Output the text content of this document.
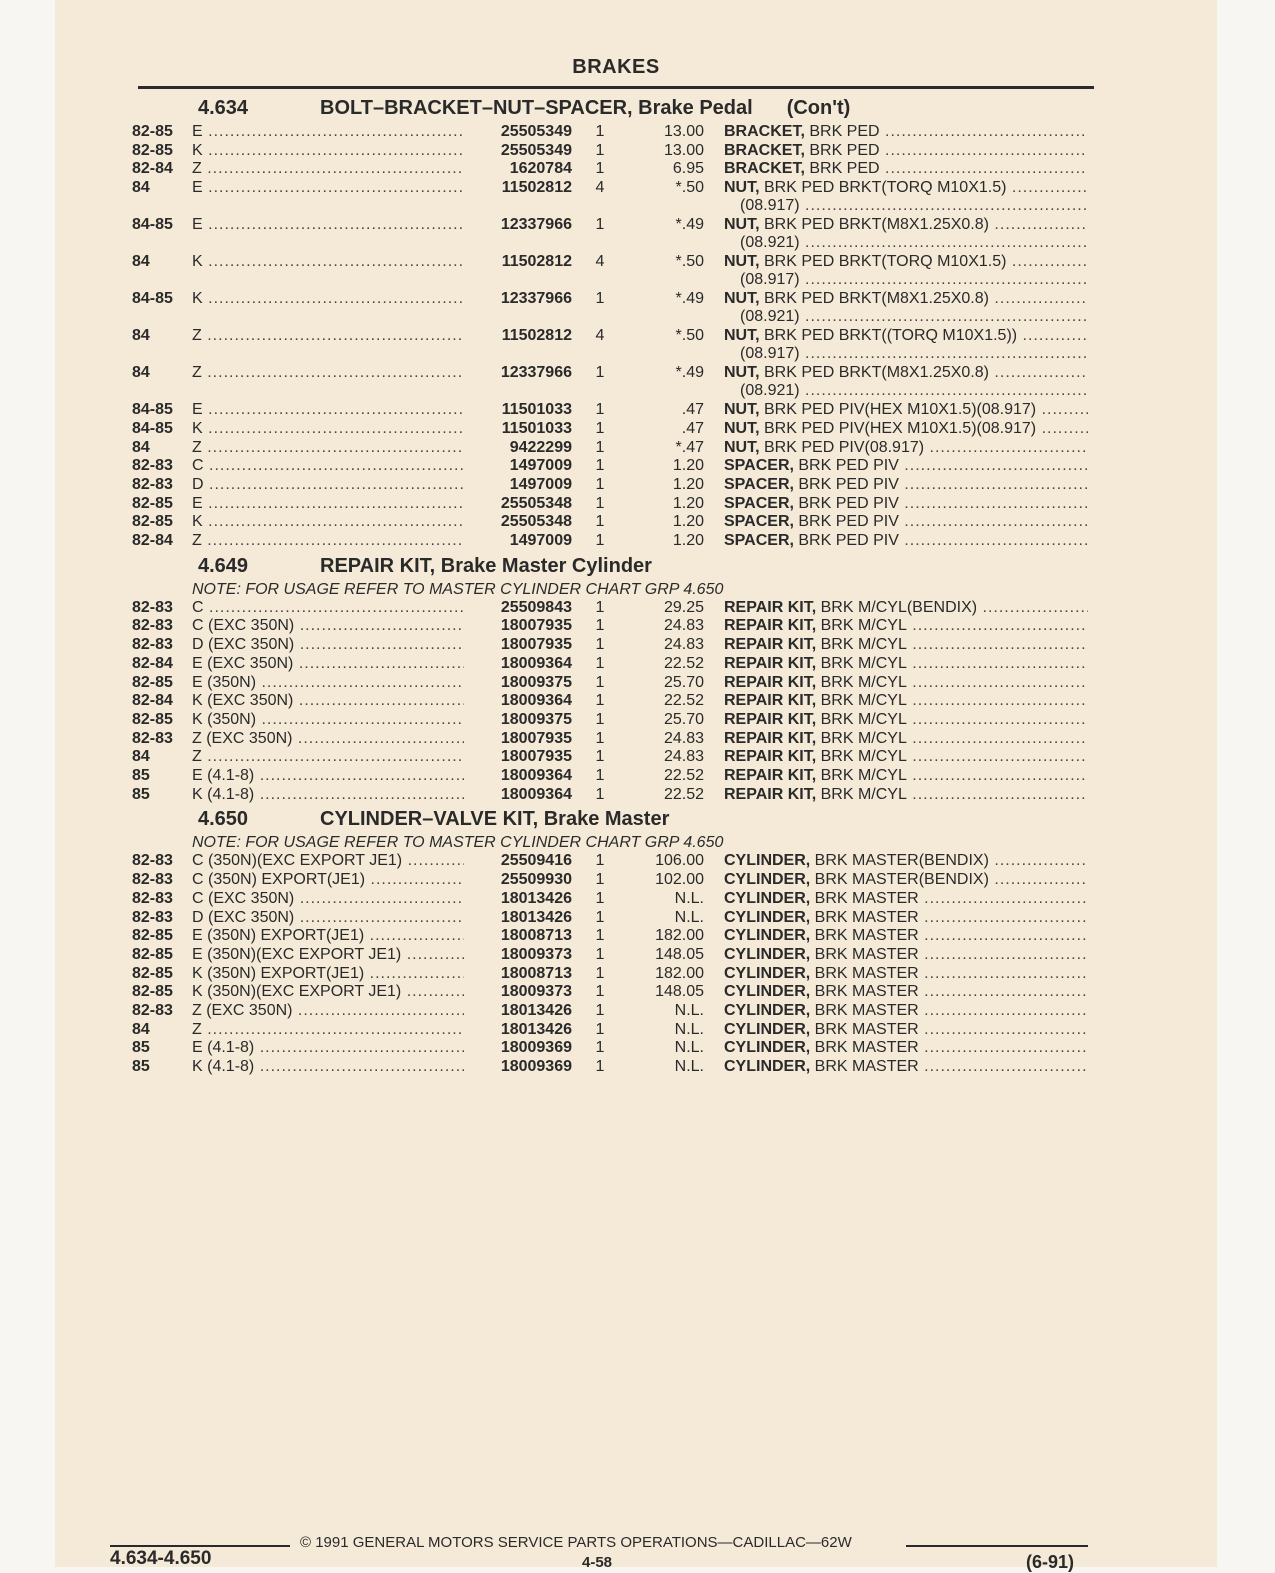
BRAKES
4.634	BOLT–BRACKET–NUT–SPACER, Brake Pedal (Con't)
82-85 E .....	25505349 1	13.00 BRACKET, BRK PED .....
82-85 K .....	25505349 1	13.00 BRACKET, BRK PED .....
82-84 Z .....	1620784 1	6.95 BRACKET, BRK PED .....
84	E .....	11502812 4	*.50 NUT, BRK PED BRKT(TORQ M10X1.5) .....
(08.917) .....
84-85 E .....	12337966 1	*.49 NUT, BRK PED BRKT(M8X1.25X0.8) .....
(08.921) .....
84	K .....	11502812 4	*.50 NUT, BRK PED BRKT(TORQ M10X1.5) .....
(08.917) .....
84-85 K .....	12337966 1	*.49 NUT, BRK PED BRKT(M8X1.25X0.8) .....
(08.921) .....
84	Z .....	11502812 4	*.50 NUT, BRK PED BRKT((TORQ M10X1.5)) .....
(08.917) .....
84	Z .....	12337966 1	*.49 NUT, BRK PED BRKT(M8X1.25X0.8) .....
(08.921) .....
84-85 E .....	11501033 1	.47 NUT, BRK PED PIV(HEX M10X1.5)(08.917) .....
84-85 K .....	11501033 1	.47 NUT, BRK PED PIV(HEX M10X1.5)(08.917) .....
84	Z .....	9422299 1	*.47 NUT, BRK PED PIV(08.917) .....
82-83 C .....	1497009 1	1.20 SPACER, BRK PED PIV .....
82-83 D .....	1497009 1	1.20 SPACER, BRK PED PIV .....
82-85 E .....	25505348 1	1.20 SPACER, BRK PED PIV .....
82-85 K .....	25505348 1	1.20 SPACER, BRK PED PIV .....
82-84 Z .....	1497009 1	1.20 SPACER, BRK PED PIV .....
4.649	REPAIR KIT, Brake Master Cylinder
NOTE: FOR USAGE REFER TO MASTER CYLINDER CHART GRP 4.650
82-83 C .....	25509843 1	29.25 REPAIR KIT, BRK M/CYL(BENDIX) .....
82-83 C (EXC 350N) .....	18007935 1	24.83 REPAIR KIT, BRK M/CYL .....
82-83 D (EXC 350N) .....	18007935 1	24.83 REPAIR KIT, BRK M/CYL .....
82-84 E (EXC 350N) .....	18009364 1	22.52 REPAIR KIT, BRK M/CYL .....
82-85 E (350N) .....	18009375 1	25.70 REPAIR KIT, BRK M/CYL .....
82-84 K (EXC 350N) .....	18009364 1	22.52 REPAIR KIT, BRK M/CYL .....
82-85 K (350N) .....	18009375 1	25.70 REPAIR KIT, BRK M/CYL .....
82-83 Z (EXC 350N) .....	18007935 1	24.83 REPAIR KIT, BRK M/CYL .....
84	Z .....	18007935 1	24.83 REPAIR KIT, BRK M/CYL .....
85	E (4.1-8) .....	18009364 1	22.52 REPAIR KIT, BRK M/CYL .....
85	K (4.1-8) .....	18009364 1	22.52 REPAIR KIT, BRK M/CYL .....
4.650	CYLINDER–VALVE KIT, Brake Master
NOTE: FOR USAGE REFER TO MASTER CYLINDER CHART GRP 4.650
82-83 C (350N)(EXC EXPORT JE1) .....	25509416 1	106.00 CYLINDER, BRK MASTER(BENDIX) .....
82-83 C (350N) EXPORT(JE1) .....	25509930 1	102.00 CYLINDER, BRK MASTER(BENDIX) .....
82-83 C (EXC 350N) .....	18013426 1	N.L. CYLINDER, BRK MASTER .....
82-83 D (EXC 350N) .....	18013426 1	N.L. CYLINDER, BRK MASTER .....
82-85 E (350N) EXPORT(JE1) .....	18008713 1	182.00 CYLINDER, BRK MASTER .....
82-85 E (350N)(EXC EXPORT JE1) .....	18009373 1	148.05 CYLINDER, BRK MASTER .....
82-85 K (350N) EXPORT(JE1) .....	18008713 1	182.00 CYLINDER, BRK MASTER .....
82-85 K (350N)(EXC EXPORT JE1) .....	18009373 1	148.05 CYLINDER, BRK MASTER .....
82-83 Z (EXC 350N) .....	18013426 1	N.L. CYLINDER, BRK MASTER .....
84	Z .....	18013426 1	N.L. CYLINDER, BRK MASTER .....
85	E (4.1-8) .....	18009369 1	N.L. CYLINDER, BRK MASTER .....
85	K (4.1-8) .....	18009369 1	N.L. CYLINDER, BRK MASTER .....
© 1991 GENERAL MOTORS SERVICE PARTS OPERATIONS—CADILLAC—62W
4.634-4.650	4-58	(6-91)
